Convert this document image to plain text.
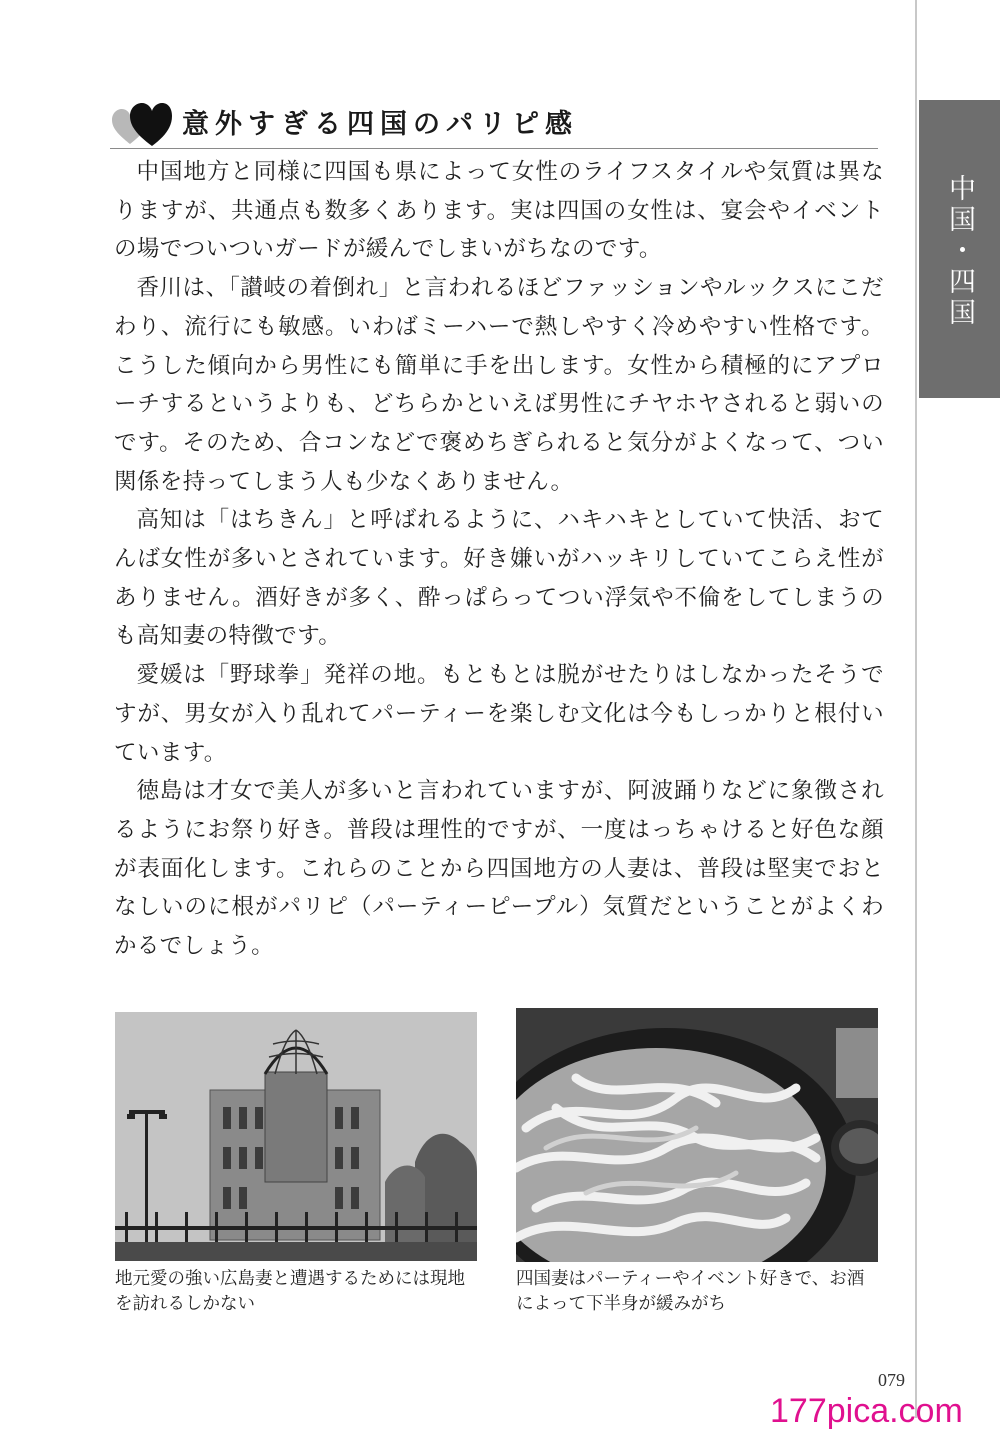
中国・四国
意外すぎる四国のパリピ感

中国地方と同様に四国も県によって女性のライフスタイルや気質は異なりますが、共通点も数多くあります。実は四国の女性は、宴会やイベントの場でついついガードが緩んでしまいがちなのです。

香川は、「讃岐の着倒れ」と言われるほどファッションやルックスにこだわり、流行にも敏感。いわばミーハーで熱しやすく冷めやすい性格です。こうした傾向から男性にも簡単に手を出します。女性から積極的にアプローチするというよりも、どちらかといえば男性にチヤホヤされると弱いのです。そのため、合コンなどで褒めちぎられると気分がよくなって、つい関係を持ってしまう人も少なくありません。

高知は「はちきん」と呼ばれるように、ハキハキとしていて快活、おてんば女性が多いとされています。好き嫌いがハッキリしていてこらえ性がありません。酒好きが多く、酔っぱらってつい浮気や不倫をしてしまうのも高知妻の特徴です。

愛媛は「野球拳」発祥の地。もともとは脱がせたりはしなかったそうですが、男女が入り乱れてパーティーを楽しむ文化は今もしっかりと根付いています。

徳島は才女で美人が多いと言われていますが、阿波踊りなどに象徴されるようにお祭り好き。普段は理性的ですが、一度はっちゃけると好色な顔が表面化します。これらのことから四国地方の人妻は、普段は堅実でおとなしいのに根がパリピ（パーティーピープル）気質だということがよくわかるでしょう。

地元愛の強い広島妻と遭遇するためには現地を訪れるしかない
四国妻はパーティーやイベント好きで、お酒によって下半身が緩みがち
079
177pica.com
